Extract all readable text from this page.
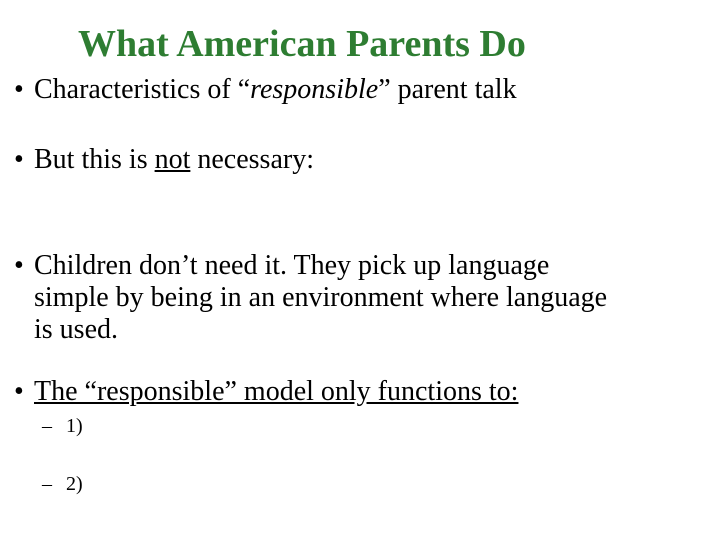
What American Parents Do
• Characteristics of “responsible” parent talk
• But this is not necessary:
• Children don’t need it. They pick up language
simple by being in an environment where language
is used.
• The “responsible” model only functions to:
– 1)
– 2)
